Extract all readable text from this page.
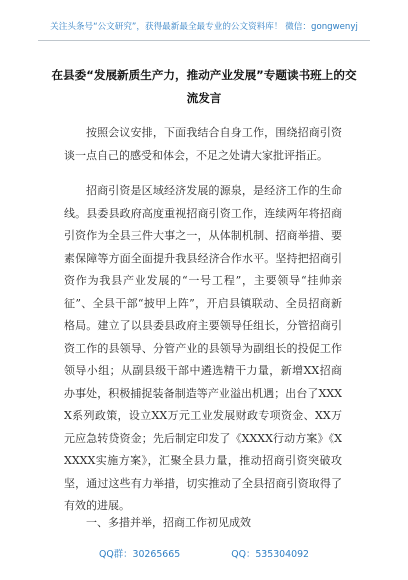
关注头条号“公文研究”，获得最新最全最专业的公文资料库！ 微信：gongwenyj
在县委“发展新质生产力，推动产业发展”专题读书班上的交流发言

按照会议安排，下面我结合自身工作，围绕招商引资谈一点自己的感受和体会，不足之处请大家批评指正。

招商引资是区域经济发展的源泉，是经济工作的生命线。县委县政府高度重视招商引资工作，连续两年将招商引资作为全县三件大事之一，从体制机制、招商举措、要素保障等方面全面提升我县经济合作水平。坚持把招商引资作为我县产业发展的“一号工程”，主要领导“挂帅亲征”、全县干部“披甲上阵”，开启县镇联动、全员招商新格局。建立了以县委县政府主要领导任组长，分管招商引资工作的县领导、分管产业的县领导为副组长的投促工作领导小组；从副县级干部中遴选精干力量，新增XX招商办事处，积极捕捉装备制造等产业溢出机遇；出台了XXXX系列政策，设立XX万元工业发展财政专项资金、XX万元应急转贷资金；先后制定印发了《XXXX行动方案》《XXXXX实施方案》，汇聚全县力量，推动招商引资突破攻坚，通过这些有力举措，切实推动了全县招商引资取得了有效的进展。

一、多措并举，招商工作初见成效

QQ群：30265665	QQ：535304092
